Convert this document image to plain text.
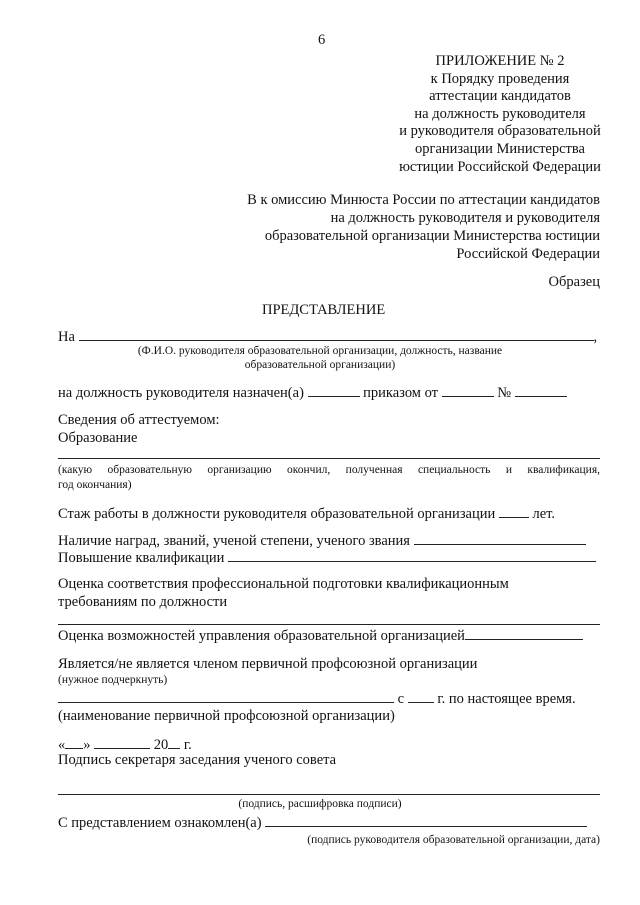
6
ПРИЛОЖЕНИЕ № 2
к Порядку проведения
аттестации кандидатов
на должность руководителя
и руководителя образовательной
организации Министерства
юстиции Российской Федерации
В к омиссию Минюста России по аттестации кандидатов
на должность руководителя и руководителя
образовательной организации Министерства юстиции
Российской Федерации
Образец
ПРЕДСТАВЛЕНИЕ
На	,
(Ф.И.О. руководителя образовательной организации, должность, название
образовательной организации)
на должность руководителя назначен(а)	приказом от	№
Сведения об аттестуемом:
Образование
(какую образовательную организацию окончил, полученная специальность и квалификация,
год окончания)
Стаж работы в должности руководителя образовательной организации	лет.
Наличие наград, званий, ученой степени, ученого звания
Повышение квалификации
Оценка соответствия профессиональной подготовки квалификационным
требованиям по должности
Оценка возможностей управления образовательной организацией
Является/не является членом первичной профсоюзной организации
(нужное подчеркнуть)
с г. по настоящее время.
(наименование первичной профсоюзной организации)
« »	20 г.
Подпись секретаря заседания ученого совета
(подпись, расшифровка подписи)
С представлением ознакомлен(а)
(подпись руководителя образовательной организации, дата)
